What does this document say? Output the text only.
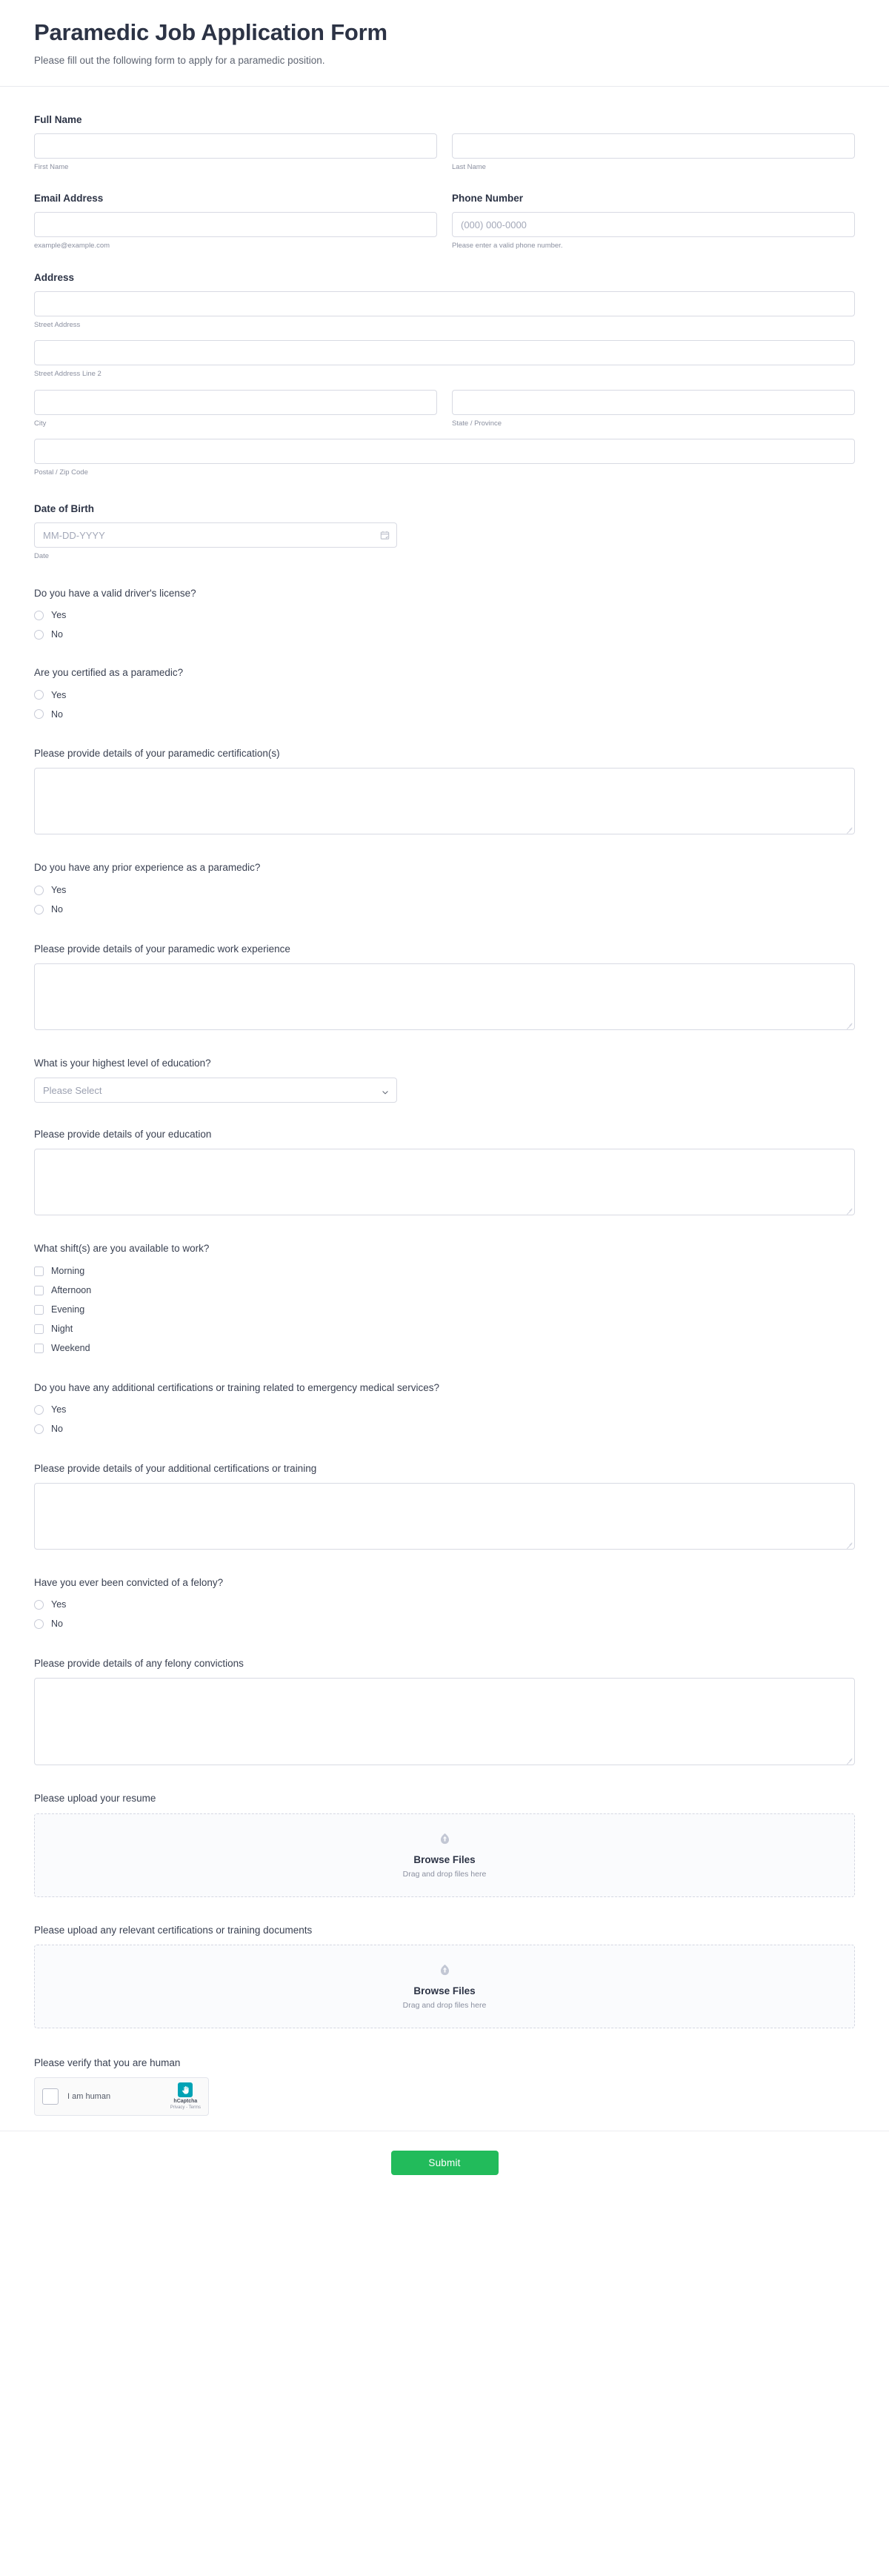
Paramedic Job Application Form

Please fill out the following form to apply for a paramedic position.

Full Name
First Name	Last Name
Email Address
example@example.com
Phone Number
(000) 000-0000
Please enter a valid phone number.
Address
Street Address
Street Address Line 2
City	State / Province
Postal / Zip Code
Date of Birth
MM-DD-YYYY
Date
Do you have a valid driver's license?
Yes
No
Are you certified as a paramedic?
Yes
No
Please provide details of your paramedic certification(s)
Do you have any prior experience as a paramedic?
Yes
No
Please provide details of your paramedic work experience
What is your highest level of education?
Please Select
Please provide details of your education
What shift(s) are you available to work?
Morning
Afternoon
Evening
Night
Weekend
Do you have any additional certifications or training related to emergency medical services?
Yes
No
Please provide details of your additional certifications or training
Have you ever been convicted of a felony?
Yes
No
Please provide details of any felony convictions
Please upload your resume
Browse Files
Drag and drop files here
Please upload any relevant certifications or training documents
Browse Files
Drag and drop files here
Please verify that you are human
I am human
hCaptcha
Privacy - Terms
Submit
